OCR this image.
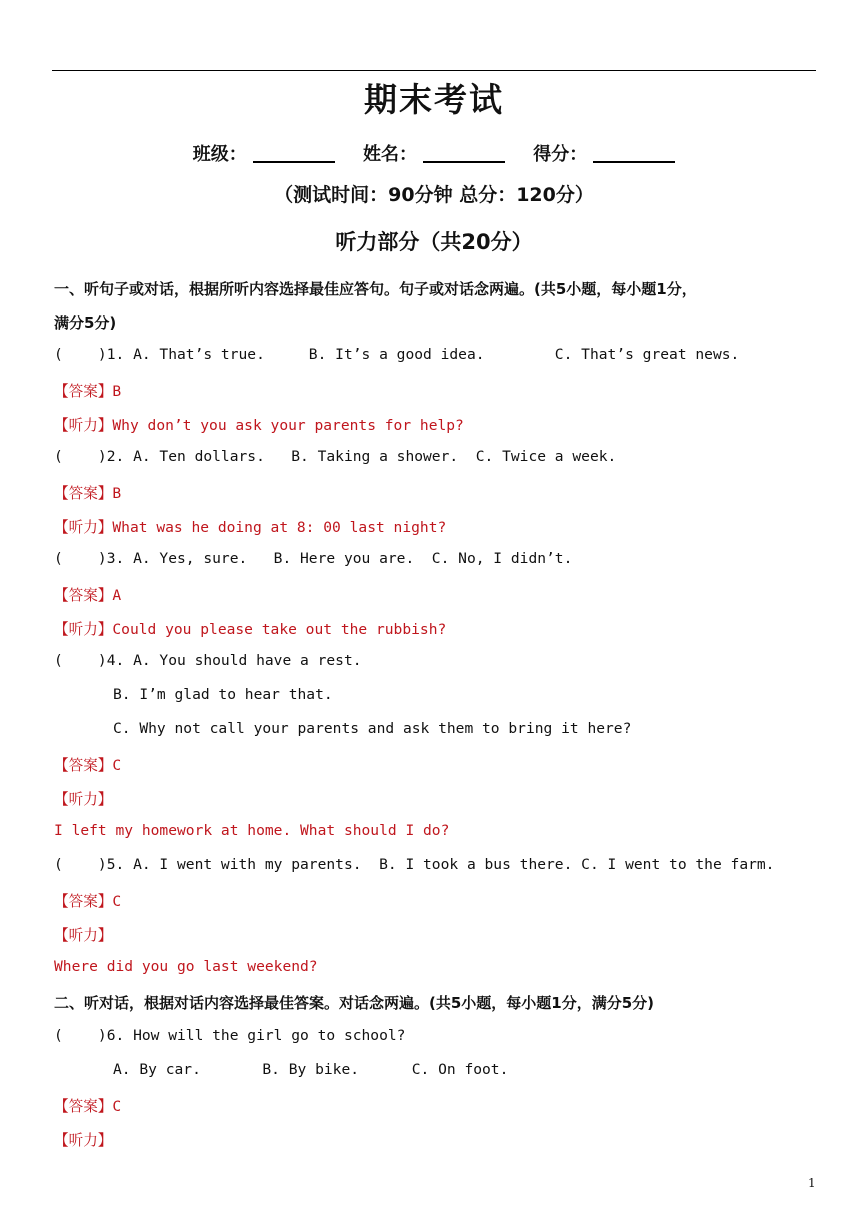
期末考试
班级：	姓名：	得分：
（测试时间：90分钟 总分：120分）
听力部分（共20分）
一、听句子或对话，根据所听内容选择最佳应答句。句子或对话念两遍。(共5小题，每小题1分，
满分5分)
(    )1. A. That’s true.     B. It’s a good idea.        C. That’s great news.
【答案】B
【听力】Why don’t you ask your parents for help?
(    )2. A. Ten dollars.   B. Taking a shower.  C. Twice a week.
【答案】B
【听力】What was he doing at 8: 00 last night?
(    )3. A. Yes, sure.   B. Here you are.  C. No, I didn’t.
【答案】A
【听力】Could you please take out the rubbish?
(    )4. A. You should have a rest.
B. I’m glad to hear that.
C. Why not call your parents and ask them to bring it here?
【答案】C
【听力】
I left my homework at home. What should I do?
(    )5. A. I went with my parents.  B. I took a bus there. C. I went to the farm.
【答案】C
【听力】
Where did you go last weekend?
二、听对话，根据对话内容选择最佳答案。对话念两遍。(共5小题，每小题1分，满分5分)
(    )6. How will the girl go to school?
A. By car.       B. By bike.      C. On foot.
【答案】C
【听力】
1
